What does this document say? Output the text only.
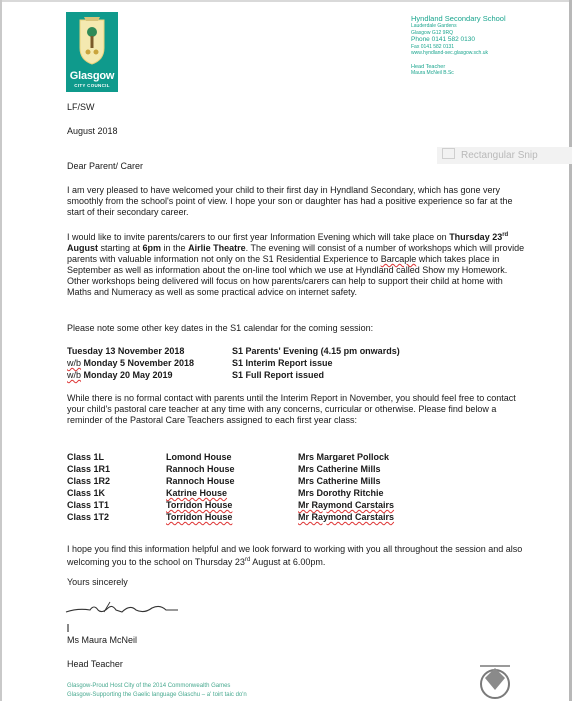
Glasgow
CITY COUNCIL
Hyndland Secondary School
Lauderdale Gardens
Glasgow G12 9RQ
Phone 0141 582 0130
Fax 0141 582 0131
www.hyndland-sec.glasgow.sch.uk
Head Teacher
Maura McNeil B.Sc
Rectangular Snip
LF/SW
August 2018
Dear Parent/ Carer
I am very pleased to have welcomed your child to their first day in Hyndland Secondary, which has gone very smoothly from the school's point of view. I hope your son or daughter has had a positive experience so far at the start of their secondary career.
I would like to invite parents/carers to our first year Information Evening which will take place on Thursday 23rd August starting at 6pm in the Airlie Theatre. The evening will consist of a number of workshops which will provide parents with valuable information not only on the S1 Residential Experience to Barcaple which takes place in September as well as information about the on-line tool which we use at Hyndland called Show my Homework. Other workshops being delivered will focus on how parents/carers can help to support their child at home with Maths and Numeracy as well as some practical advice on internet safety.
Please note some other key dates in the S1 calendar for the coming session:
Tuesday 13 November 2018	S1 Parents' Evening (4.15 pm onwards)
w/b Monday 5 November 2018	S1 Interim Report issue
w/b Monday 20 May 2019	S1 Full Report issued
While there is no formal contact with parents until the Interim Report in November, you should feel free to contact your child's pastoral care teacher at any time with any concerns, curricular or otherwise. Please find below a reminder of the Pastoral Care Teachers assigned to each first year class:
Class 1L	Lomond House	Mrs Margaret Pollock
Class 1R1	Rannoch House	Mrs Catherine Mills
Class 1R2	Rannoch House	Mrs Catherine Mills
Class 1K	Katrine House	Mrs Dorothy Ritchie
Class 1T1	Torridon House	Mr Raymond Carstairs
Class 1T2	Torridon House	Mr Raymond Carstairs
I hope you find this information helpful and we look forward to working with you all throughout the session and also welcoming you to the school on Thursday 23rd August at 6.00pm.
Yours sincerely
Ms Maura McNeil
Head Teacher
Glasgow-Proud Host City of the 2014 Commonwealth Games
Glasgow-Supporting the Gaelic language Glaschu – a' toirt taic do'n
